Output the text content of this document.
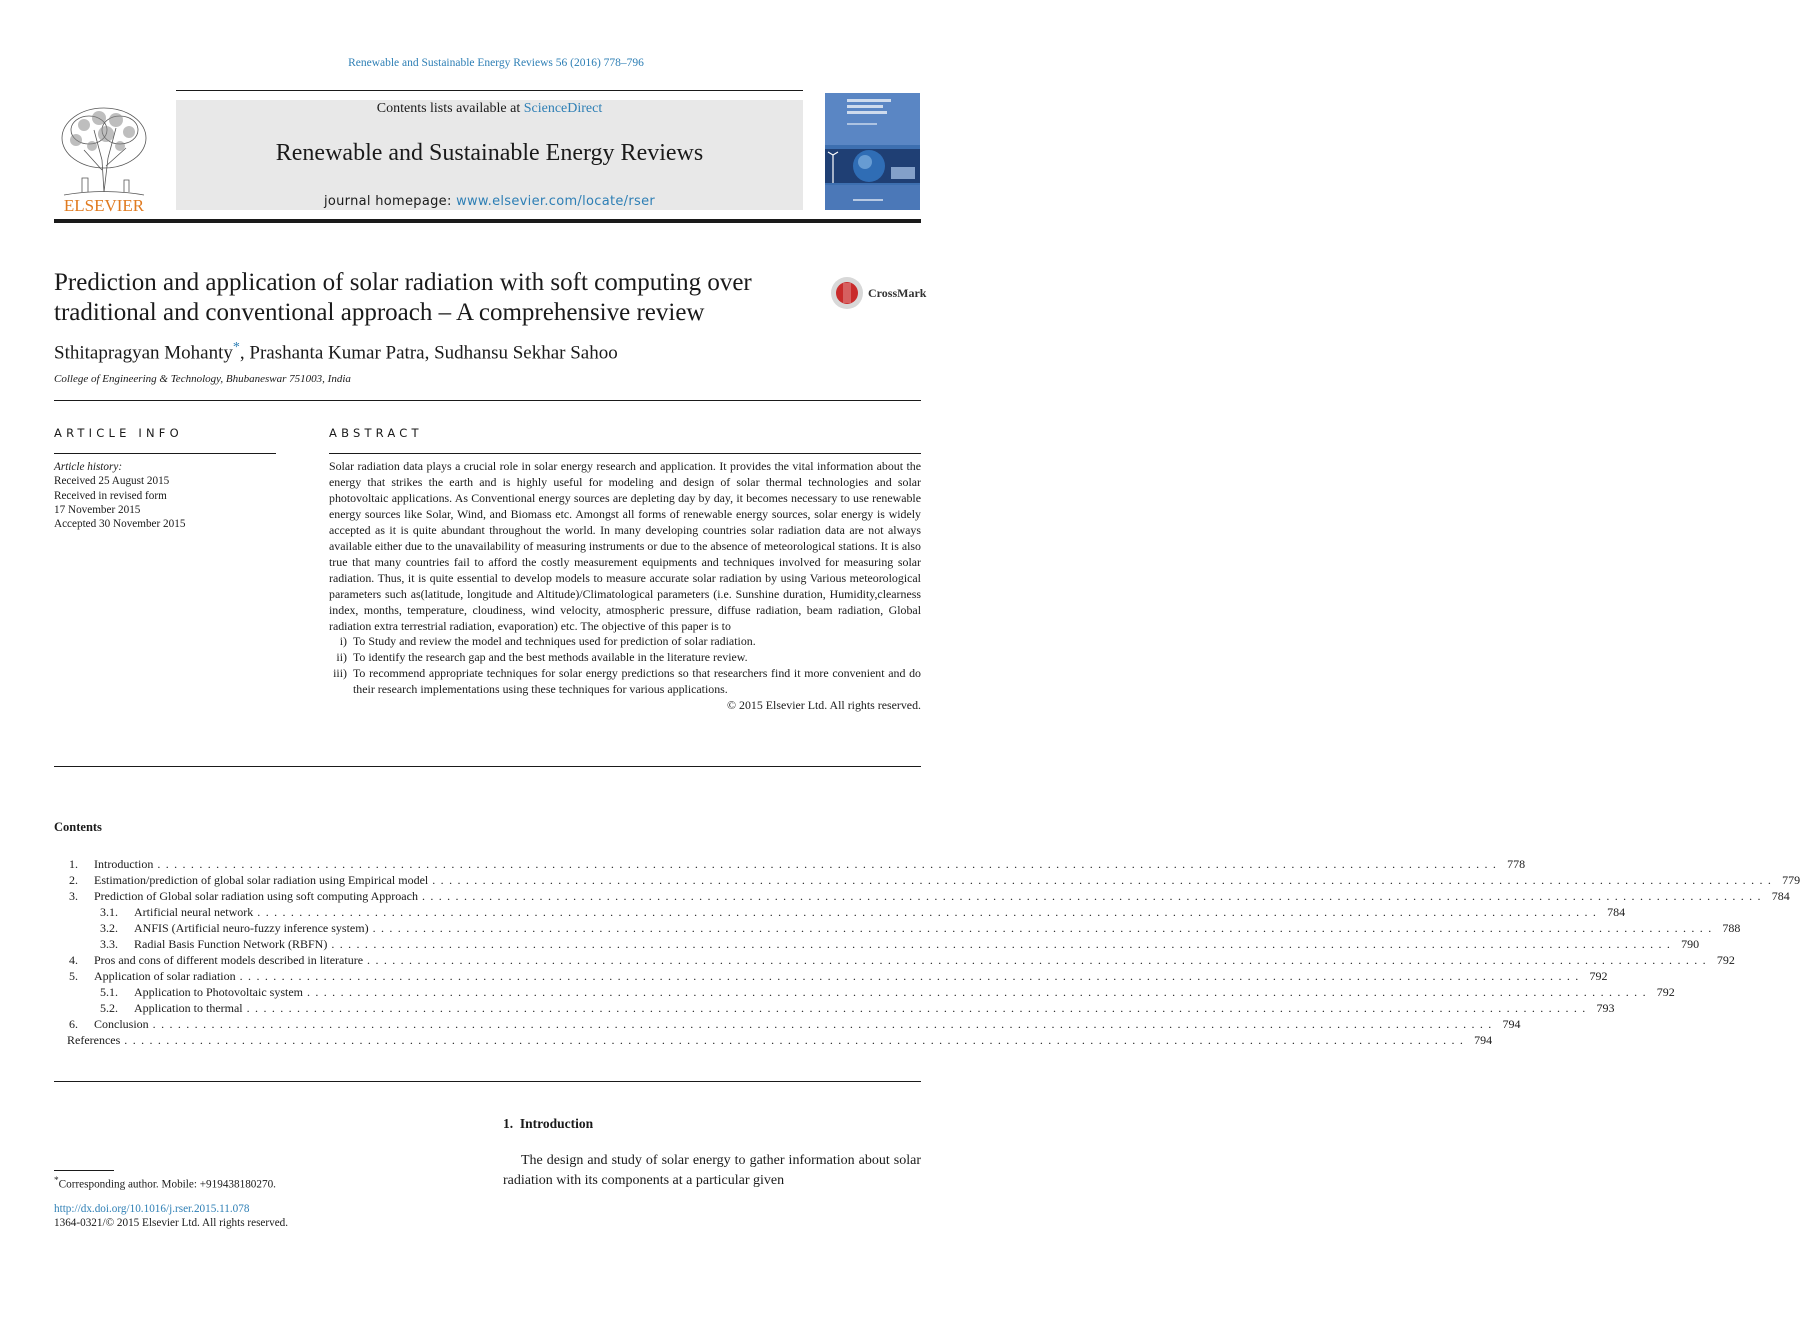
Renewable and Sustainable Energy Reviews 56 (2016) 778–796
ELSEVIER
Contents lists available at ScienceDirect
Renewable and Sustainable Energy Reviews
journal homepage: www.elsevier.com/locate/rser
Prediction and application of solar radiation with soft computing over traditional and conventional approach – A comprehensive review
CrossMark
Sthitapragyan Mohanty*, Prashanta Kumar Patra, Sudhansu Sekhar Sahoo
College of Engineering & Technology, Bhubaneswar 751003, India
ARTICLE INFO
Article history:
Received 25 August 2015
Received in revised form
17 November 2015
Accepted 30 November 2015
ABSTRACT

Solar radiation data plays a crucial role in solar energy research and application. It provides the vital information about the energy that strikes the earth and is highly useful for modeling and design of solar thermal technologies and solar photovoltaic applications. As Conventional energy sources are depleting day by day, it becomes necessary to use renewable energy sources like Solar, Wind, and Biomass etc. Amongst all forms of renewable energy sources, solar energy is widely accepted as it is quite abundant throughout the world. In many developing countries solar radiation data are not always available either due to the unavailability of measuring instruments or due to the absence of meteorological stations. It is also true that many countries fail to afford the costly measurement equipments and techniques involved for measuring solar radiation. Thus, it is quite essential to develop models to measure accurate solar radiation by using Various meteorological parameters such as(latitude, longitude and Altitude)/Climatological parameters (i.e. Sunshine duration, Humidity,clearness index, months, temperature, cloudiness, wind velocity, atmospheric pressure, diffuse radiation, beam radiation, Global radiation extra terrestrial radiation, evaporation) etc. The objective of this paper is to

i) To Study and review the model and techniques used for prediction of solar radiation.
ii) To identify the research gap and the best methods available in the literature review.
iii) To recommend appropriate techniques for solar energy predictions so that researchers find it more convenient and do their research implementations using these techniques for various applications.
© 2015 Elsevier Ltd. All rights reserved.
Contents
1. Introduction . . . . . . . . . . . . . . . . . . . . . . . . . . . . . . . . . . . . . . . . . . . . . . . . . . . . . . . . . . . . . . . . . . . . . . . . . . . . . . . . . . . . . . . . . . . . . . . . . . . . . . . . . . . . . . . . . . . . . . . . . . . . . . . . . . . . . . . . . . . . . . . . . . . . . . . . . . . . . . . . 778
2. Estimation/prediction of global solar radiation using Empirical model . . . . . . . . . . . . . . . . . . . . . . . . . . . . . . . . . . . . . . . . . . . . . . . . . . . . . . . . . . . . . . . . . . . . . . . . . . . . . . . . . . . . . . . . . . . . . . . . . . . . . . . . . . . . . . . . . . . . . . . . . . . . . . . . . . . . . . . . . . . . . . . . . . . . . . . . . . . . . . . . 779
3. Prediction of Global solar radiation using soft computing Approach . . . . . . . . . . . . . . . . . . . . . . . . . . . . . . . . . . . . . . . . . . . . . . . . . . . . . . . . . . . . . . . . . . . . . . . . . . . . . . . . . . . . . . . . . . . . . . . . . . . . . . . . . . . . . . . . . . . . . . . . . . . . . . . . . . . . . . . . . . . . . . . . . . . . . . . . . . . . . . . . 784
3.1. Artificial neural network . . . . . . . . . . . . . . . . . . . . . . . . . . . . . . . . . . . . . . . . . . . . . . . . . . . . . . . . . . . . . . . . . . . . . . . . . . . . . . . . . . . . . . . . . . . . . . . . . . . . . . . . . . . . . . . . . . . . . . . . . . . . . . . . . . . . . . . . . . . . . . . . . . . . . . . . . . . . . . . . 784
3.2. ANFIS (Artificial neuro-fuzzy inference system) . . . . . . . . . . . . . . . . . . . . . . . . . . . . . . . . . . . . . . . . . . . . . . . . . . . . . . . . . . . . . . . . . . . . . . . . . . . . . . . . . . . . . . . . . . . . . . . . . . . . . . . . . . . . . . . . . . . . . . . . . . . . . . . . . . . . . . . . . . . . . . . . . . . . . . . . . . . . . . . . 788
3.3. Radial Basis Function Network (RBFN) . . . . . . . . . . . . . . . . . . . . . . . . . . . . . . . . . . . . . . . . . . . . . . . . . . . . . . . . . . . . . . . . . . . . . . . . . . . . . . . . . . . . . . . . . . . . . . . . . . . . . . . . . . . . . . . . . . . . . . . . . . . . . . . . . . . . . . . . . . . . . . . . . . . . . . . . . . . . . . . . 790
4. Pros and cons of different models described in literature . . . . . . . . . . . . . . . . . . . . . . . . . . . . . . . . . . . . . . . . . . . . . . . . . . . . . . . . . . . . . . . . . . . . . . . . . . . . . . . . . . . . . . . . . . . . . . . . . . . . . . . . . . . . . . . . . . . . . . . . . . . . . . . . . . . . . . . . . . . . . . . . . . . . . . . . . . . . . . . . 792
5. Application of solar radiation . . . . . . . . . . . . . . . . . . . . . . . . . . . . . . . . . . . . . . . . . . . . . . . . . . . . . . . . . . . . . . . . . . . . . . . . . . . . . . . . . . . . . . . . . . . . . . . . . . . . . . . . . . . . . . . . . . . . . . . . . . . . . . . . . . . . . . . . . . . . . . . . . . . . . . . . . . . . . . . . 792
5.1. Application to Photovoltaic system . . . . . . . . . . . . . . . . . . . . . . . . . . . . . . . . . . . . . . . . . . . . . . . . . . . . . . . . . . . . . . . . . . . . . . . . . . . . . . . . . . . . . . . . . . . . . . . . . . . . . . . . . . . . . . . . . . . . . . . . . . . . . . . . . . . . . . . . . . . . . . . . . . . . . . . . . . . . . . . . 792
5.2. Application to thermal . . . . . . . . . . . . . . . . . . . . . . . . . . . . . . . . . . . . . . . . . . . . . . . . . . . . . . . . . . . . . . . . . . . . . . . . . . . . . . . . . . . . . . . . . . . . . . . . . . . . . . . . . . . . . . . . . . . . . . . . . . . . . . . . . . . . . . . . . . . . . . . . . . . . . . . . . . . . . . . . 793
6. Conclusion . . . . . . . . . . . . . . . . . . . . . . . . . . . . . . . . . . . . . . . . . . . . . . . . . . . . . . . . . . . . . . . . . . . . . . . . . . . . . . . . . . . . . . . . . . . . . . . . . . . . . . . . . . . . . . . . . . . . . . . . . . . . . . . . . . . . . . . . . . . . . . . . . . . . . . . . . . . . . . . . 794
References . . . . . . . . . . . . . . . . . . . . . . . . . . . . . . . . . . . . . . . . . . . . . . . . . . . . . . . . . . . . . . . . . . . . . . . . . . . . . . . . . . . . . . . . . . . . . . . . . . . . . . . . . . . . . . . . . . . . . . . . . . . . . . . . . . . . . . . . . . . . . . . . . . . . . . . . . . . . . . . . 794
1. Introduction
The design and study of solar energy to gather information about solar radiation with its components at a particular given
*Corresponding author. Mobile: +919438180270.
http://dx.doi.org/10.1016/j.rser.2015.11.078
1364-0321/© 2015 Elsevier Ltd. All rights reserved.
